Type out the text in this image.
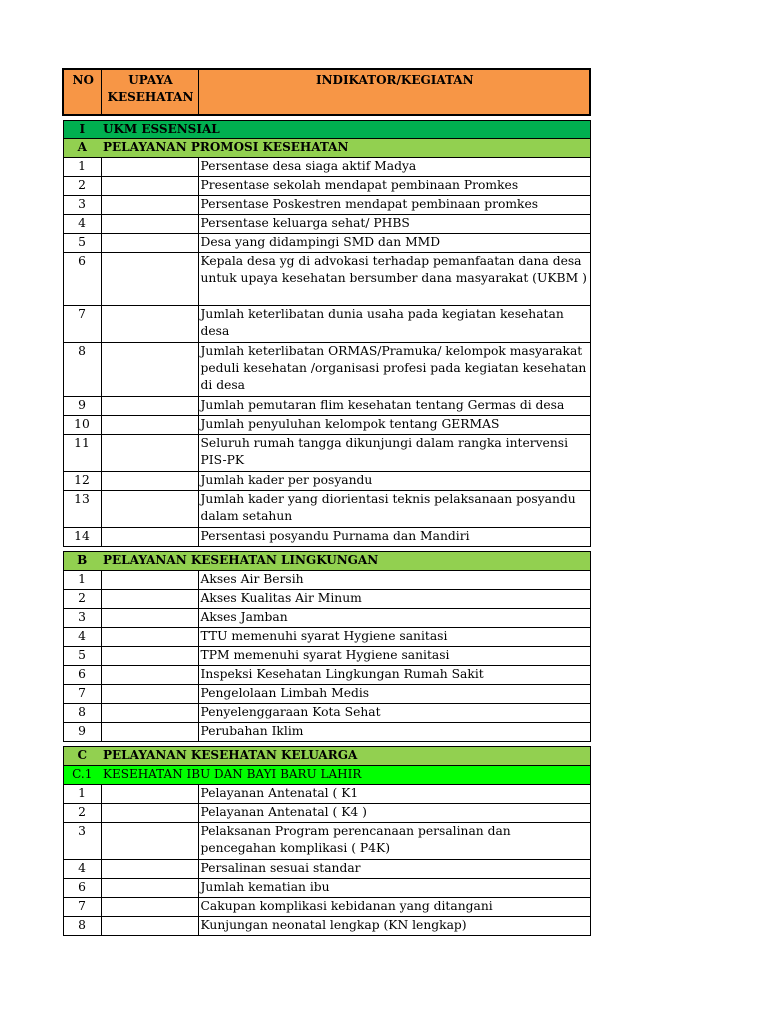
NO	UPAYA KESEHATAN	INDIKATOR/KEGIATAN

I	UKM ESSENSIAL	
A	PELAYANAN PROMOSI KESEHATAN	
1		Persentase desa siaga aktif Madya
2		Presentase sekolah mendapat pembinaan Promkes
3		Persentase Poskestren mendapat pembinaan promkes
4		Persentase keluarga sehat/ PHBS
5		Desa yang didampingi SMD dan MMD
6		Kepala desa yg di advokasi terhadap pemanfaatan dana desa untuk upaya kesehatan bersumber dana masyarakat (UKBM )
7		Jumlah keterlibatan dunia usaha pada kegiatan kesehatan desa
8		Jumlah keterlibatan ORMAS/Pramuka/ kelompok masyarakat peduli kesehatan /organisasi profesi pada kegiatan kesehatan di desa
9		Jumlah pemutaran flim kesehatan tentang Germas di desa
10		Jumlah penyuluhan kelompok tentang GERMAS
11		Seluruh rumah tangga dikunjungi dalam rangka intervensi PIS-PK
12		Jumlah kader per posyandu
13		Jumlah kader yang diorientasi teknis pelaksanaan posyandu dalam setahun
14		Persentasi posyandu Purnama dan Mandiri

B	PELAYANAN KESEHATAN LINGKUNGAN	
1		Akses Air Bersih
2		Akses Kualitas Air Minum
3		Akses Jamban
4		TTU memenuhi syarat Hygiene sanitasi
5		TPM memenuhi syarat Hygiene sanitasi
6		Inspeksi Kesehatan Lingkungan Rumah Sakit
7		Pengelolaan Limbah Medis
8		Penyelenggaraan Kota Sehat
9		Perubahan Iklim

C	PELAYANAN KESEHATAN KELUARGA	
C.1	KESEHATAN IBU DAN BAYI BARU LAHIR	
1		Pelayanan Antenatal ( K1
2		Pelayanan Antenatal ( K4 )
3		Pelaksanan Program perencanaan persalinan dan pencegahan komplikasi ( P4K)
4		Persalinan sesuai standar
6		Jumlah kematian ibu
7		Cakupan komplikasi kebidanan yang ditangani
8		Kunjungan neonatal lengkap (KN lengkap)
